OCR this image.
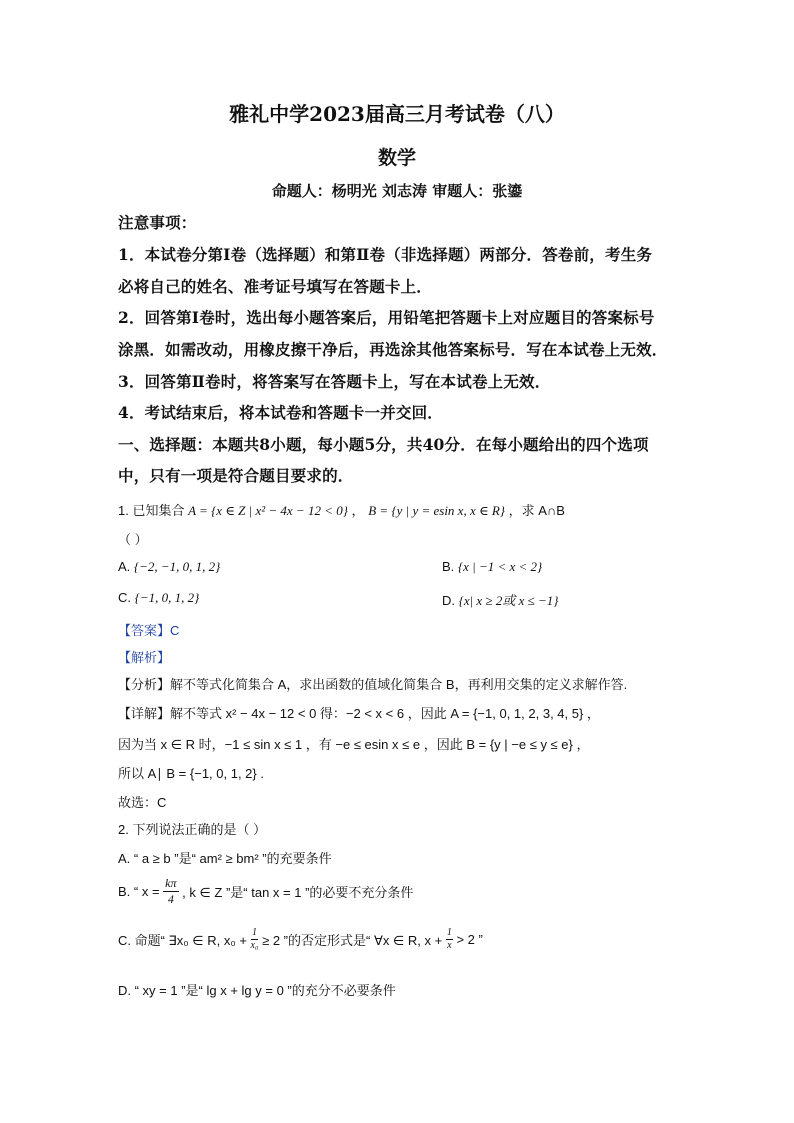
雅礼中学2023届高三月考试卷（八）
数学
命题人：杨明光 刘志涛 审题人：张鎏
注意事项：
1．本试卷分第Ⅰ卷（选择题）和第Ⅱ卷（非选择题）两部分．答卷前，考生务
必将自己的姓名、准考证号填写在答题卡上．
2．回答第Ⅰ卷时，选出每小题答案后，用铅笔把答题卡上对应题目的答案标号
涂黑．如需改动，用橡皮擦干净后，再选涂其他答案标号．写在本试卷上无效．
3．回答第Ⅱ卷时，将答案写在答题卡上，写在本试卷上无效．
4．考试结束后，将本试卷和答题卡一并交回．
一、选择题：本题共8小题，每小题5分，共40分．在每小题给出的四个选项
中，只有一项是符合题目要求的．
1. 已知集合 A = {x ∈ Z | x² − 4x − 12 < 0} ， B = {y | y = esin x, x ∈ R} ，求 A∩B
（ ）
A. {−2, −1, 0, 1, 2}	B. {x | −1 < x < 2}
C. {−1, 0, 1, 2}	D. {x| x ≥ 2或 x ≤ −1}
【答案】C
【解析】
【分析】解不等式化简集合 A，求出函数的值域化简集合 B，再利用交集的定义求解作答.
【详解】解不等式 x² − 4x − 12 < 0 得：−2 < x < 6 ，因此 A = {−1, 0, 1, 2, 3, 4, 5} ，
因为当 x ∈ R 时，−1 ≤ sin x ≤ 1 ，有 −e ≤ esin x ≤ e ，因此 B = {y | −e ≤ y ≤ e} ，
所以 A∣ B = {−1, 0, 1, 2} .
故选：C
2. 下列说法正确的是（ ）
A. “ a ≥ b ”是“ am² ≥ bm² ”的充要条件
B. “ $x = \frac{k\pi}{4}$ , k ∈ Z ”是“ tan x = 1 ”的必要不充分条件
C. 命题“ ∃x₀ ∈ R, $x_0 + \frac{1}{\text{x₀}} \ge 2$ ”的否定形式是“ ∀x ∈ R, $x + \frac{1}{x} > 2$ ”
D. “ xy = 1 ”是“ lg x + lg y = 0 ”的充分不必要条件
